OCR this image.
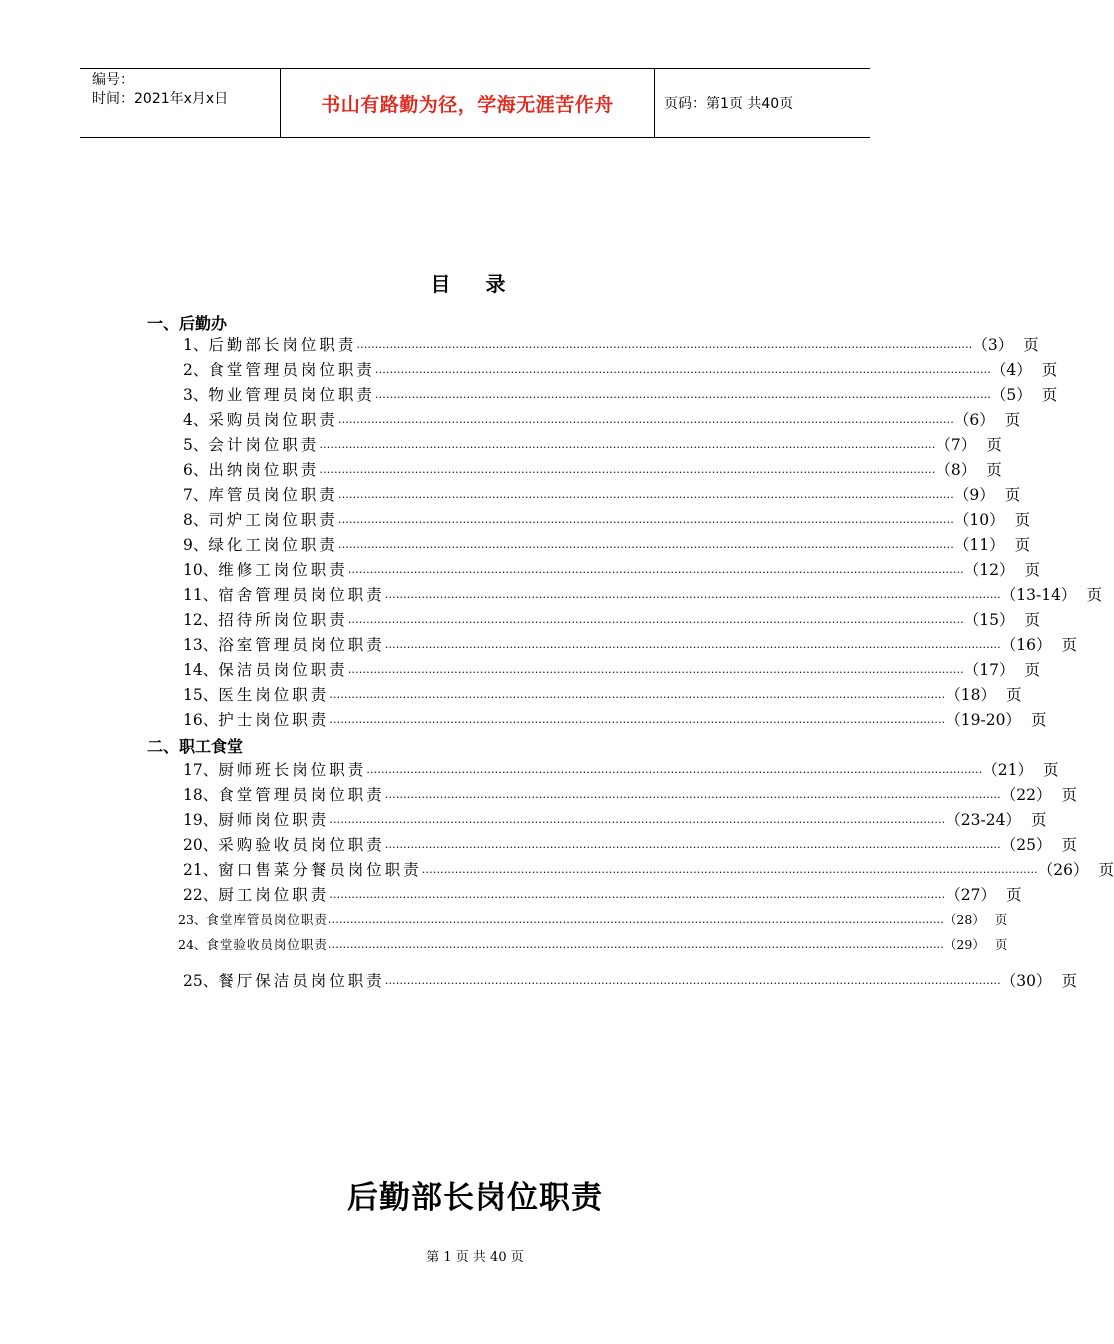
编号：
时间：2021年x月x日	书山有路勤为径，学海无涯苦作舟	页码：第1页 共40页
目 录
一、后勤办
二、职工食堂
1、 后勤部长岗位职责 …………………………………………………………………………………………………………………………………………………… （3） 页
2、 食堂管理员岗位职责 …………………………………………………………………………………………………………………………………………………… （4） 页
3、 物业管理员岗位职责 …………………………………………………………………………………………………………………………………………………… （5） 页
4、 采购员岗位职责 …………………………………………………………………………………………………………………………………………………… （6） 页
5、 会计岗位职责 …………………………………………………………………………………………………………………………………………………… （7） 页
6、 出纳岗位职责 …………………………………………………………………………………………………………………………………………………… （8） 页
7、 库管员岗位职责 …………………………………………………………………………………………………………………………………………………… （9） 页
8、 司炉工岗位职责 …………………………………………………………………………………………………………………………………………………… （10） 页
9、 绿化工岗位职责 …………………………………………………………………………………………………………………………………………………… （11） 页
10、 维修工岗位职责 …………………………………………………………………………………………………………………………………………………… （12） 页
11、 宿舍管理员岗位职责 …………………………………………………………………………………………………………………………………………………… （13-14） 页
12、 招待所岗位职责 …………………………………………………………………………………………………………………………………………………… （15） 页
13、 浴室管理员岗位职责 …………………………………………………………………………………………………………………………………………………… （16） 页
14、 保洁员岗位职责 …………………………………………………………………………………………………………………………………………………… （17） 页
15、 医生岗位职责 …………………………………………………………………………………………………………………………………………………… （18） 页
16、 护士岗位职责 …………………………………………………………………………………………………………………………………………………… （19-20） 页
17、 厨师班长岗位职责 …………………………………………………………………………………………………………………………………………………… （21） 页
18、 食堂管理员岗位职责 …………………………………………………………………………………………………………………………………………………… （22） 页
19、 厨师岗位职责 …………………………………………………………………………………………………………………………………………………… （23-24） 页
20、 采购验收员岗位职责 …………………………………………………………………………………………………………………………………………………… （25） 页
21、 窗口售菜分餐员岗位职责 …………………………………………………………………………………………………………………………………………………… （26） 页
22、 厨工岗位职责 …………………………………………………………………………………………………………………………………………………… （27） 页
23、 食堂库管员岗位职责 …………………………………………………………………………………………………………………………………………………… （28） 页
24、 食堂验收员岗位职责 …………………………………………………………………………………………………………………………………………………… （29） 页
25、 餐厅保洁员岗位职责 …………………………………………………………………………………………………………………………………………………… （30） 页
后勤部长岗位职责
第 1 页 共 40 页
